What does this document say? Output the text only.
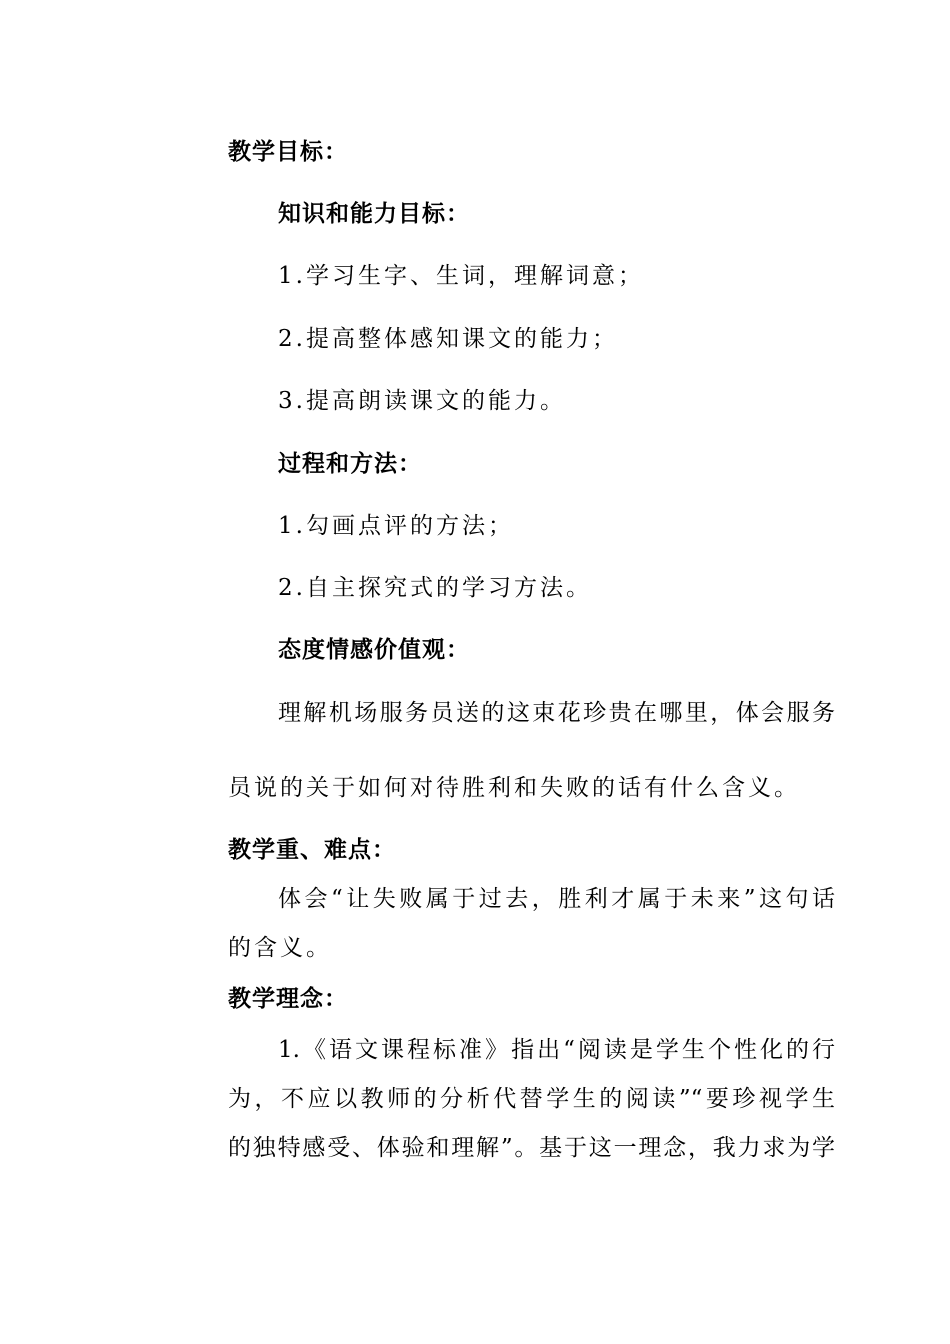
教学目标：
知识和能力目标：
1.学习生字、生词，理解词意；
2.提高整体感知课文的能力；
3.提高朗读课文的能力。
过程和方法：
1.勾画点评的方法；
2.自主探究式的学习方法。
态度情感价值观：
理解机场服务员送的这束花珍贵在哪里，体会服务
员说的关于如何对待胜利和失败的话有什么含义。
教学重、难点：
体会“让失败属于过去，胜利才属于未来”这句话
的含义。
教学理念：
1.《语文课程标准》指出“阅读是学生个性化的行
为，不应以教师的分析代替学生的阅读”“要珍视学生
的独特感受、体验和理解”。基于这一理念，我力求为学
